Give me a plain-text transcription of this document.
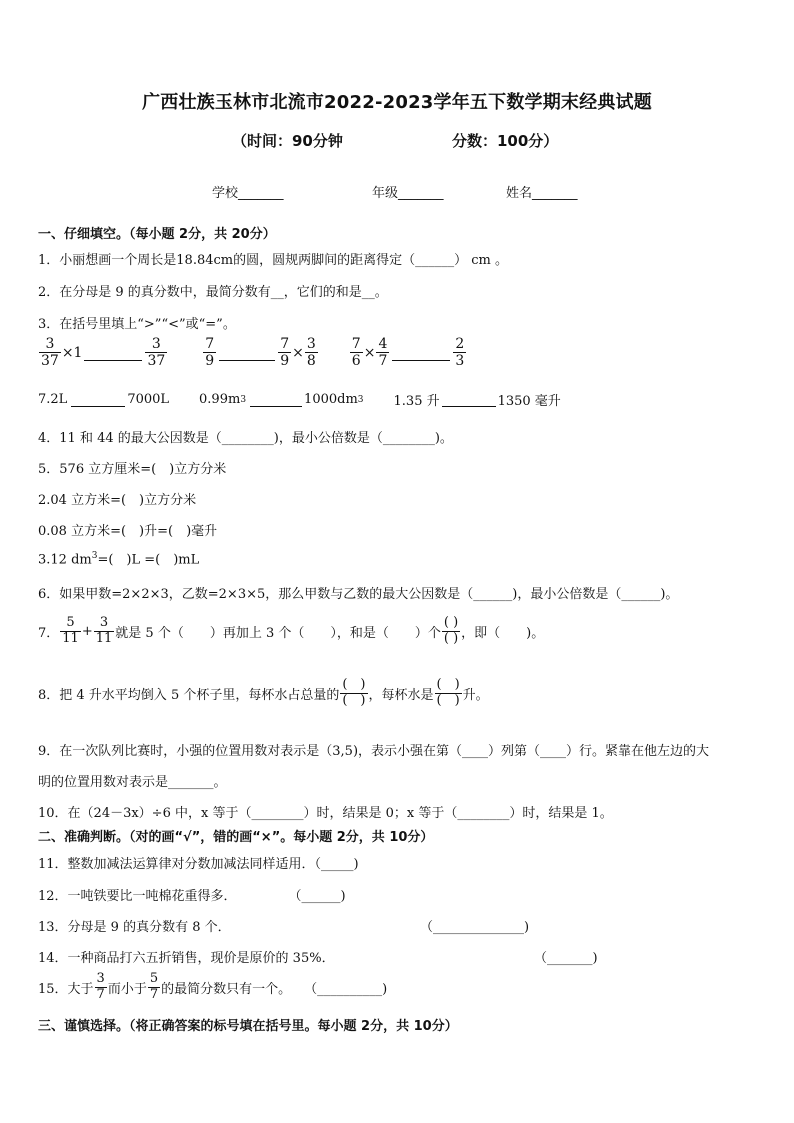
广西壮族玉林市北流市2022-2023学年五下数学期末经典试题
（时间：90分钟	分数：100分）
学校_______	年级_______	姓名_______
一、仔细填空。（每小题 2分，共 20分）
1．小丽想画一个周长是18.84cm的圆，圆规两脚间的距离得定（______） cm 。
2．在分母是 9 的真分数中，最简分数有__，它们的和是__。
3．在括号里填上“>”“<”或“=”。
$\frac{3}{37} \times 1$	$\frac{3}{37}$	$\frac{7}{9}$	$\frac{7}{9} \times \frac{3}{8} \frac{7}{6} \times \frac{4}{7}$	$\frac{2}{3}$
7.2L	7000L 0.99m 3	1000dm 3 1.35 升	1350 毫升
4．11 和 44 的最大公因数是（________)，最小公倍数是（________)。
5．576 立方厘米=( )立方分米
2.04 立方米=( )立方分米
0.08 立方米=( )升=( )毫升
3.12 $dm^3=$( )L =( )mL
6．如果甲数=2×2×3，乙数=2×3×5，那么甲数与乙数的最大公因数是（______)，最小公倍数是（______)。
7． $\frac{5}{11} + \frac{3}{11}$ 就是 5 个（  ）再加上 3 个（  ），和是（  ）个 $\frac{( )}{( )}$ ，即（  )。
8．把 4 升水平均倒入 5 个杯子里，每杯水占总量的 $\frac{( )}{( )}$ ，每杯水是 $\frac{( )}{( )}$ 升。
9．在一次队列比赛时，小强的位置用数对表示是（3,5)，表示小强在第（____）列第（____）行。紧靠在他左边的大
明的位置用数对表示是_______。
10．在（24－3x）÷6 中，x 等于（________）时，结果是 0；x 等于（________）时，结果是 1。
二、准确判断。（对的画“√”，错的画“×”。每小题 2分，共 10分）
11．整数加减法运算律对分数加减法同样适用．（_____)
12．一吨铁要比一吨棉花重得多．    （______)
13．分母是 9 的真分数有 8 个．	（______________)
14．一种商品打六五折销售，现价是原价的 35%．	（_______)
15．大于 $\frac{3}{7}$ 而小于 $\frac{5}{7}$ 的最简分数只有一个。 （__________)
三、谨慎选择。（将正确答案的标号填在括号里。每小题 2分，共 10分）
